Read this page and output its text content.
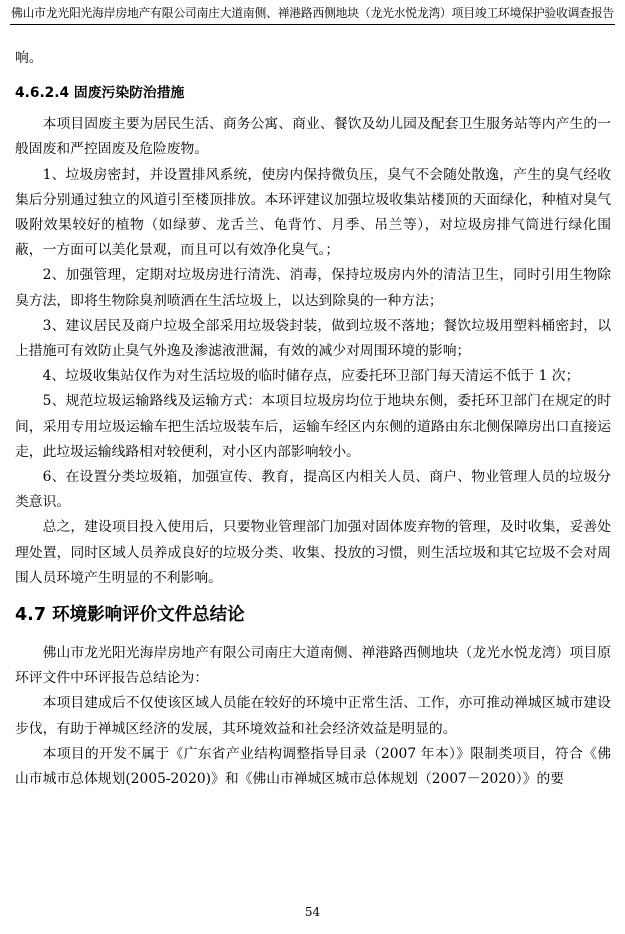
佛山市龙光阳光海岸房地产有限公司南庄大道南侧、禅港路西侧地块（龙光水悦龙湾）项目竣工环境保护验收调查报告

响。

4.6.2.4 固废污染防治措施

本项目固废主要为居民生活、商务公寓、商业、餐饮及幼儿园及配套卫生服务站等内产生的一般固废和严控固废及危险废物。

1、垃圾房密封，并设置排风系统，使房内保持微负压，臭气不会随处散逸，产生的臭气经收集后分别通过独立的风道引至楼顶排放。本环评建议加强垃圾收集站楼顶的天面绿化，种植对臭气吸附效果较好的植物（如绿萝、龙舌兰、龟背竹、月季、吊兰等），对垃圾房排气筒进行绿化围蔽，一方面可以美化景观，而且可以有效净化臭气。；

2、加强管理，定期对垃圾房进行清洗、消毒，保持垃圾房内外的清洁卫生，同时引用生物除臭方法，即将生物除臭剂喷洒在生活垃圾上，以达到除臭的一种方法；

3、建议居民及商户垃圾全部采用垃圾袋封装，做到垃圾不落地；餐饮垃圾用塑料桶密封，以上措施可有效防止臭气外逸及渗滤液泄漏，有效的减少对周围环境的影响；

4、垃圾收集站仅作为对生活垃圾的临时储存点，应委托环卫部门每天清运不低于 1 次；

5、规范垃圾运输路线及运输方式：本项目垃圾房均位于地块东侧，委托环卫部门在规定的时间，采用专用垃圾运输车把生活垃圾装车后，运输车经区内东侧的道路由东北侧保障房出口直接运走，此垃圾运输线路相对较便利，对小区内部影响较小。

6、在设置分类垃圾箱，加强宣传、教育，提高区内相关人员、商户、物业管理人员的垃圾分类意识。

总之，建设项目投入使用后，只要物业管理部门加强对固体废弃物的管理，及时收集，妥善处理处置，同时区域人员养成良好的垃圾分类、收集、投放的习惯，则生活垃圾和其它垃圾不会对周围人员环境产生明显的不利影响。

4.7 环境影响评价文件总结论

佛山市龙光阳光海岸房地产有限公司南庄大道南侧、禅港路西侧地块（龙光水悦龙湾）项目原环评文件中环评报告总结论为：

本项目建成后不仅使该区域人员能在较好的环境中正常生活、工作，亦可推动禅城区城市建设步伐，有助于禅城区经济的发展，其环境效益和社会经济效益是明显的。

本项目的开发不属于《广东省产业结构调整指导目录（2007 年本）》限制类项目，符合《佛山市城市总体规划(2005-2020)》和《佛山市禅城区城市总体规划（2007－2020）》的要

54
